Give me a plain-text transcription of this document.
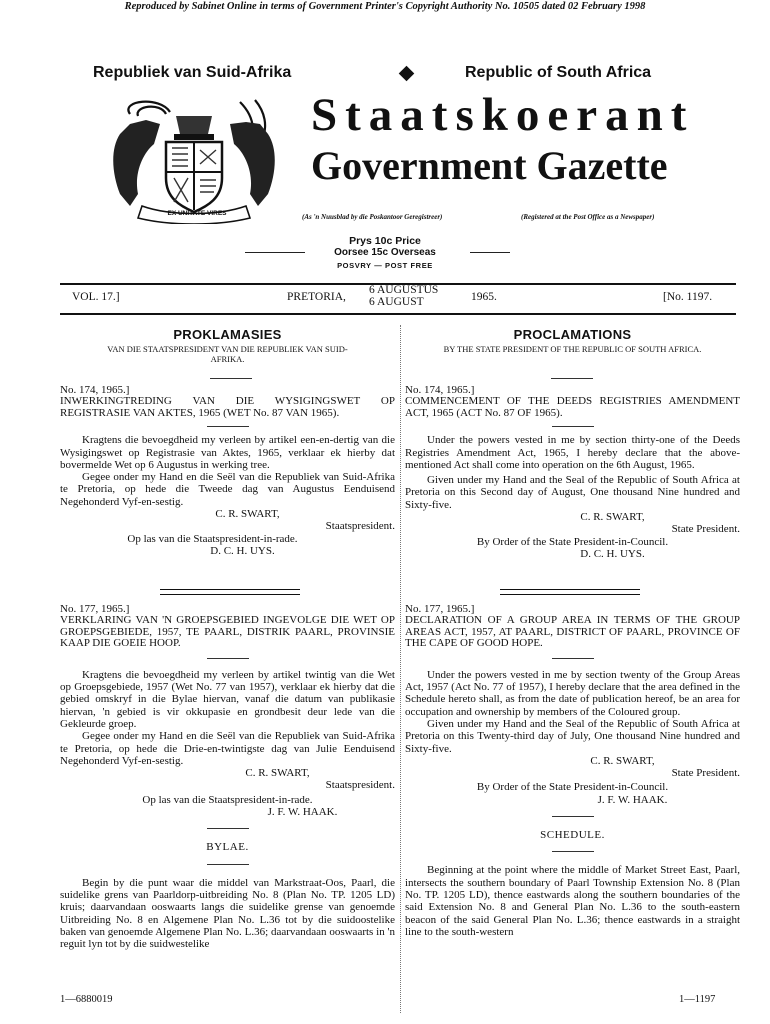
Reproduced by Sabinet Online in terms of Government Printer's Copyright Authority No. 10505 dated 02 February 1998
Republiek van Suid-Afrika	Republic of South Africa
EX UNITATE VIRES
Staatskoerant
Government Gazette
(As 'n Nuusblad by die Poskantoor Geregistreer)	(Registered at the Post Office as a Newspaper)
Prys 10c Price
Oorsee 15c Overseas
POSVRY — POST FREE
VOL. 17.]	PRETORIA,
6 AUGUSTUS
6 AUGUST	1965.	[No. 1197.
PROKLAMASIES
VAN DIE STAATSPRESIDENT VAN DIE REPUBLIEK VAN SUID-AFRIKA.

No. 174, 1965.]

INWERKINGTREDING VAN DIE WYSIGINGSWET OP REGISTRASIE VAN AKTES, 1965 (WET No. 87 VAN 1965).

Kragtens die bevoegdheid my verleen by artikel een-en-dertig van die Wysigingswet op Registrasie van Aktes, 1965, verklaar ek hierby dat bovermelde Wet op 6 Augustus in werking tree.

Gegee onder my Hand en die Seël van die Republiek van Suid-Afrika te Pretoria, op hede die Tweede dag van Augustus Eenduisend Negehonderd Vyf-en-sestig.

C. R. SWART,

Staatspresident.

Op las van die Staatspresident-in-rade.

D. C. H. UYS.

No. 177, 1965.]

VERKLARING VAN 'N GROEPSGEBIED INGEVOLGE DIE WET OP GROEPSGEBIEDE, 1957, TE PAARL, DISTRIK PAARL, PROVINSIE KAAP DIE GOEIE HOOP.

Kragtens die bevoegdheid my verleen by artikel twintig van die Wet op Groepsgebiede, 1957 (Wet No. 77 van 1957), verklaar ek hierby dat die gebied omskryf in die Bylae hiervan, vanaf die datum van publikasie hiervan, 'n gebied is vir okkupasie en grondbesit deur lede van die Gekleurde groep.

Gegee onder my Hand en die Seël van die Republiek van Suid-Afrika te Pretoria, op hede die Drie-en-twintigste dag van Julie Eenduisend Negehonderd Vyf-en-sestig.

C. R. SWART,

Staatspresident.

Op las van die Staatspresident-in-rade.

J. F. W. HAAK.

BYLAE.

Begin by die punt waar die middel van Markstraat-Oos, Paarl, die suidelike grens van Paarldorp-uitbreiding No. 8 (Plan No. TP. 1205 LD) kruis; daarvandaan ooswaarts langs die suidelike grense van genoemde Uitbreiding No. 8 en Algemene Plan No. L.36 tot by die suidoostelike baken van genoemde Algemene Plan No. L.36; daarvandaan ooswaarts in 'n reguit lyn tot by die suidwestelike

1—6880019
PROCLAMATIONS
BY THE STATE PRESIDENT OF THE REPUBLIC OF SOUTH AFRICA.

No. 174, 1965.]

COMMENCEMENT OF THE DEEDS REGISTRIES AMENDMENT ACT, 1965 (ACT No. 87 OF 1965).

Under the powers vested in me by section thirty-one of the Deeds Registries Amendment Act, 1965, I hereby declare that the above-mentioned Act shall come into operation on the 6th August, 1965.

Given under my Hand and the Seal of the Republic of South Africa at Pretoria on this Second day of August, One thousand Nine hundred and Sixty-five.

C. R. SWART,

State President.

By Order of the State President-in-Council.

D. C. H. UYS.

No. 177, 1965.]

DECLARATION OF A GROUP AREA IN TERMS OF THE GROUP AREAS ACT, 1957, AT PAARL, DISTRICT OF PAARL, PROVINCE OF THE CAPE OF GOOD HOPE.

Under the powers vested in me by section twenty of the Group Areas Act, 1957 (Act No. 77 of 1957), I hereby declare that the area defined in the Schedule hereto shall, as from the date of publication hereof, be an area for occupation and ownership by members of the Coloured group.

Given under my Hand and the Seal of the Republic of South Africa at Pretoria on this Twenty-third day of July, One thousand Nine hundred and Sixty-five.

C. R. SWART,

State President.

By Order of the State President-in-Council.

J. F. W. HAAK.

SCHEDULE.

Beginning at the point where the middle of Market Street East, Paarl, intersects the southern boundary of Paarl Township Extension No. 8 (Plan No. TP. 1205 LD), thence eastwards along the southern boundaries of the said Extension No. 8 and General Plan No. L.36 to the south-eastern beacon of the said General Plan No. L.36; thence eastwards in a straight line to the south-western

1—1197
